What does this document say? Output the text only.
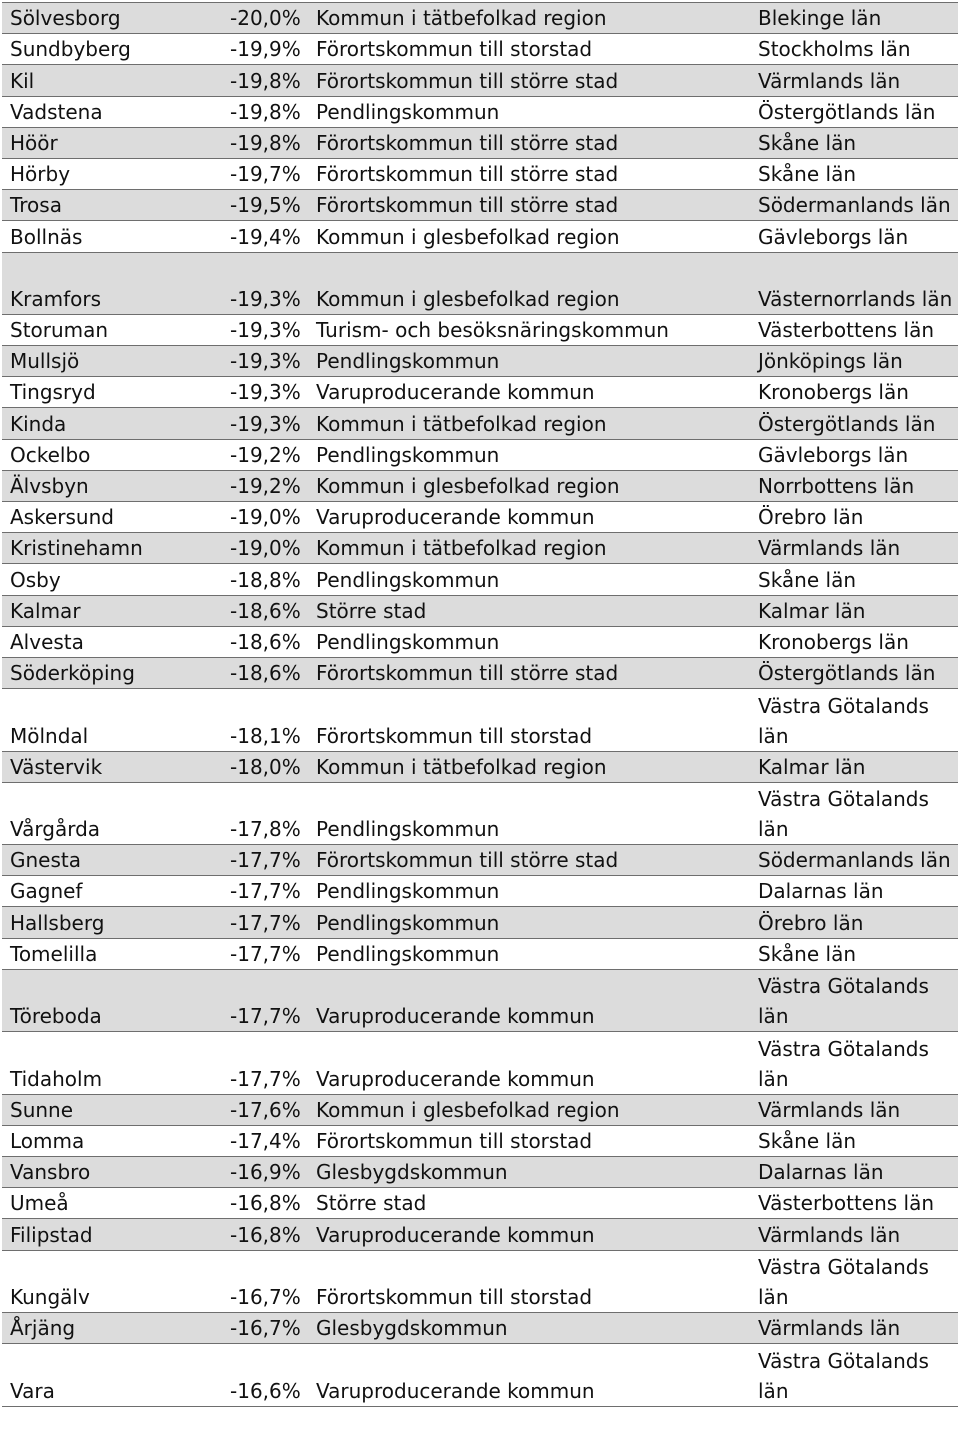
Sölvesborg	-20,0%	Kommun i tätbefolkad region	Blekinge län
Sundbyberg	-19,9%	Förortskommun till storstad	Stockholms län
Kil	-19,8%	Förortskommun till större stad	Värmlands län
Vadstena	-19,8%	Pendlingskommun	Östergötlands län
Höör	-19,8%	Förortskommun till större stad	Skåne län
Hörby	-19,7%	Förortskommun till större stad	Skåne län
Trosa	-19,5%	Förortskommun till större stad	Södermanlands län
Bollnäs	-19,4%	Kommun i glesbefolkad region	Gävleborgs län
Kramfors	-19,3%	Kommun i glesbefolkad region	Västernorrlands län
Storuman	-19,3%	Turism- och besöksnäringskommun	Västerbottens län
Mullsjö	-19,3%	Pendlingskommun	Jönköpings län
Tingsryd	-19,3%	Varuproducerande kommun	Kronobergs län
Kinda	-19,3%	Kommun i tätbefolkad region	Östergötlands län
Ockelbo	-19,2%	Pendlingskommun	Gävleborgs län
Älvsbyn	-19,2%	Kommun i glesbefolkad region	Norrbottens län
Askersund	-19,0%	Varuproducerande kommun	Örebro län
Kristinehamn	-19,0%	Kommun i tätbefolkad region	Värmlands län
Osby	-18,8%	Pendlingskommun	Skåne län
Kalmar	-18,6%	Större stad	Kalmar län
Alvesta	-18,6%	Pendlingskommun	Kronobergs län
Söderköping	-18,6%	Förortskommun till större stad	Östergötlands län
Mölndal	-18,1%	Förortskommun till storstad	Västra Götalands län
Västervik	-18,0%	Kommun i tätbefolkad region	Kalmar län
Vårgårda	-17,8%	Pendlingskommun	Västra Götalands län
Gnesta	-17,7%	Förortskommun till större stad	Södermanlands län
Gagnef	-17,7%	Pendlingskommun	Dalarnas län
Hallsberg	-17,7%	Pendlingskommun	Örebro län
Tomelilla	-17,7%	Pendlingskommun	Skåne län
Töreboda	-17,7%	Varuproducerande kommun	Västra Götalands län
Tidaholm	-17,7%	Varuproducerande kommun	Västra Götalands län
Sunne	-17,6%	Kommun i glesbefolkad region	Värmlands län
Lomma	-17,4%	Förortskommun till storstad	Skåne län
Vansbro	-16,9%	Glesbygdskommun	Dalarnas län
Umeå	-16,8%	Större stad	Västerbottens län
Filipstad	-16,8%	Varuproducerande kommun	Värmlands län
Kungälv	-16,7%	Förortskommun till storstad	Västra Götalands län
Årjäng	-16,7%	Glesbygdskommun	Värmlands län
Vara	-16,6%	Varuproducerande kommun	Västra Götalands län
